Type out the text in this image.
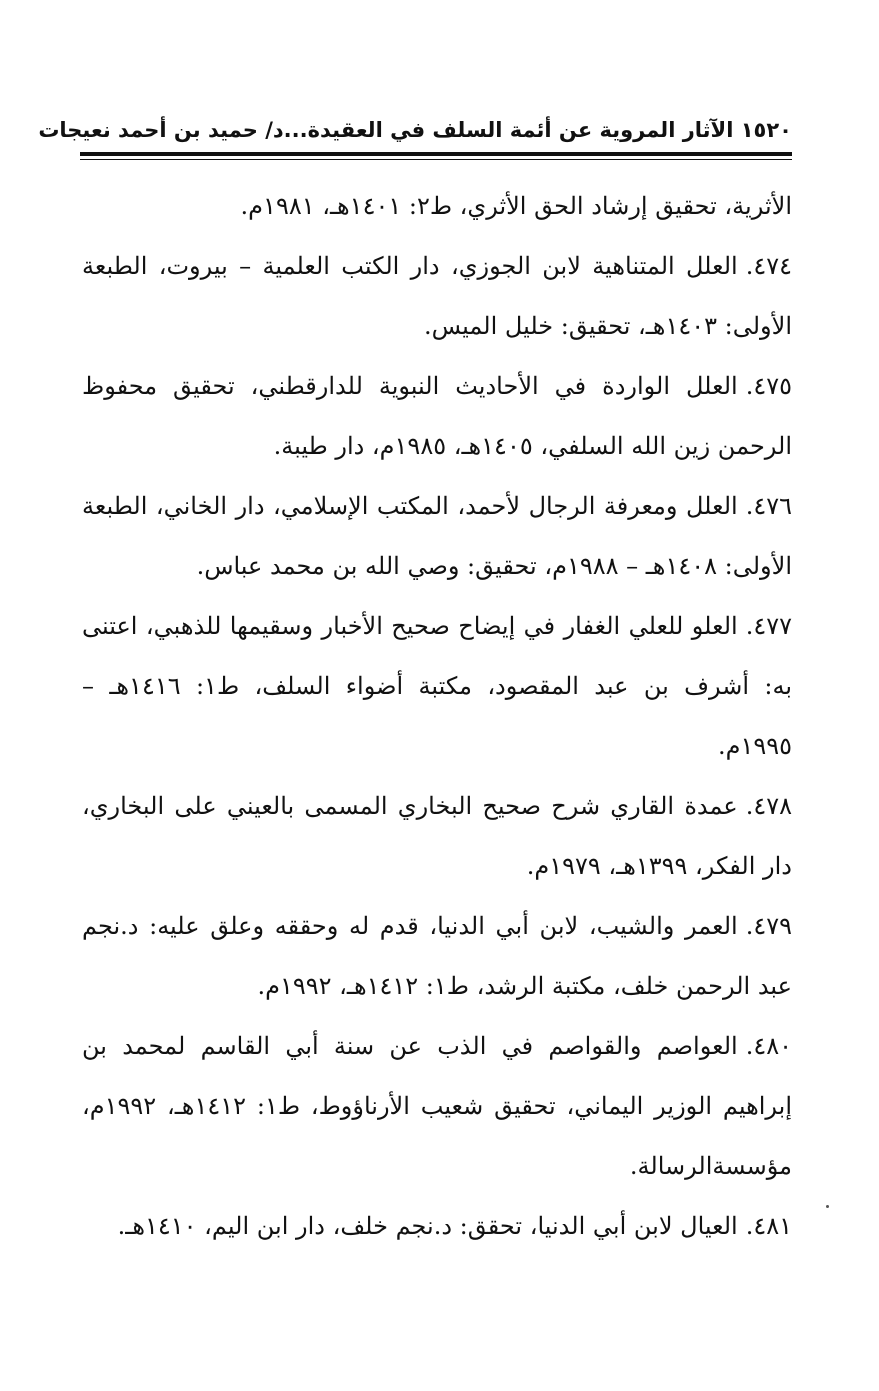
١٥٢٠ الآثار المروية عن أئمة السلف في العقيدة...د/ حميد بن أحمد نعيجات

الأثرية، تحقيق إرشاد الحق الأثري، ط٢: ١٤٠١هـ، ١٩٨١م.

٤٧٤.العلل المتناهية لابن الجوزي، دار الكتب العلمية – بيروت، الطبعة الأولى: ١٤٠٣هـ، تحقيق: خليل الميس.

٤٧٥.العلل الواردة في الأحاديث النبوية للدارقطني، تحقيق محفوظ الرحمن زين الله السلفي، ١٤٠٥هـ، ١٩٨٥م، دار طيبة.

٤٧٦.العلل ومعرفة الرجال لأحمد، المكتب الإسلامي، دار الخاني، الطبعة الأولى: ١٤٠٨هـ – ١٩٨٨م، تحقيق: وصي الله بن محمد عباس.

٤٧٧.العلو للعلي الغفار في إيضاح صحيح الأخبار وسقيمها للذهبي، اعتنى به: أشرف بن عبد المقصود، مكتبة أضواء السلف، ط١: ١٤١٦هـ – ١٩٩٥م.

٤٧٨.عمدة القاري شرح صحيح البخاري المسمى بالعيني على البخاري، دار الفكر، ١٣٩٩هـ، ١٩٧٩م.

٤٧٩.العمر والشيب، لابن أبي الدنيا، قدم له وحققه وعلق عليه: د.نجم عبد الرحمن خلف، مكتبة الرشد، ط١: ١٤١٢هـ، ١٩٩٢م.

٤٨٠.العواصم والقواصم في الذب عن سنة أبي القاسم لمحمد بن إبراهيم الوزير اليماني، تحقيق شعيب الأرناؤوط، ط١: ١٤١٢هـ، ١٩٩٢م، مؤسسةالرسالة.

٤٨١.العيال لابن أبي الدنيا، تحقق: د.نجم خلف، دار ابن اليم، ١٤١٠هـ.
